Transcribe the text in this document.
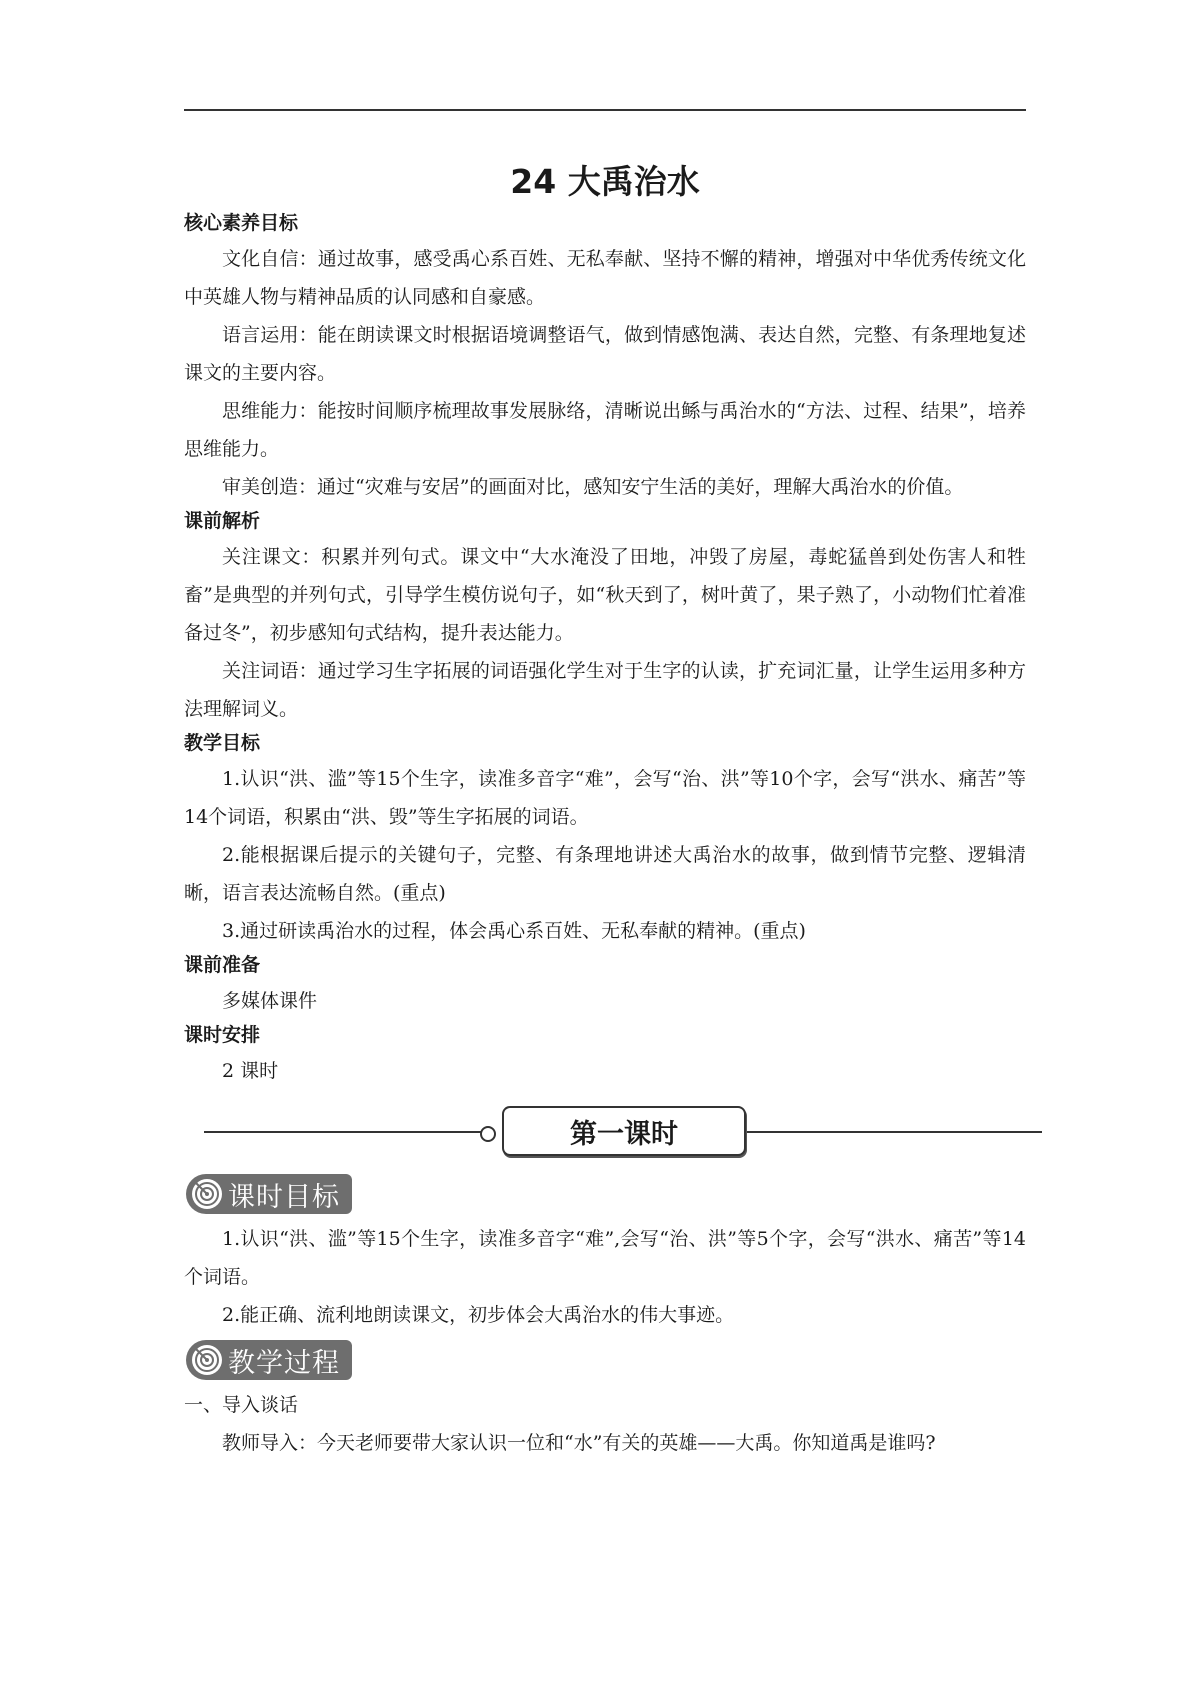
24 大禹治水
核心素养目标

文化自信：通过故事，感受禹心系百姓、无私奉献、坚持不懈的精神，增强对中华优秀传统文化中英雄人物与精神品质的认同感和自豪感。

语言运用：能在朗读课文时根据语境调整语气，做到情感饱满、表达自然，完整、有条理地复述课文的主要内容。

思维能力：能按时间顺序梳理故事发展脉络，清晰说出鲧与禹治水的“方法、过程、结果”，培养思维能力。

审美创造：通过“灾难与安居”的画面对比，感知安宁生活的美好，理解大禹治水的价值。

课前解析

关注课文：积累并列句式。课文中“大水淹没了田地，冲毁了房屋，毒蛇猛兽到处伤害人和牲畜”是典型的并列句式，引导学生模仿说句子，如“秋天到了，树叶黄了，果子熟了，小动物们忙着准备过冬”，初步感知句式结构，提升表达能力。

关注词语：通过学习生字拓展的词语强化学生对于生字的认读，扩充词汇量，让学生运用多种方法理解词义。

教学目标

1.认识“洪、滥”等15个生字，读准多音字“难”，会写“治、洪”等10个字，会写“洪水、痛苦”等14个词语，积累由“洪、毁”等生字拓展的词语。

2.能根据课后提示的关键句子，完整、有条理地讲述大禹治水的故事，做到情节完整、逻辑清晰，语言表达流畅自然。(重点)

3.通过研读禹治水的过程，体会禹心系百姓、无私奉献的精神。(重点)

课前准备

多媒体课件

课时安排

2 课时

第一课时
课时目标

1.认识“洪、滥”等15个生字，读准多音字“难”,会写“治、洪”等5个字，会写“洪水、痛苦”等14个词语。

2.能正确、流利地朗读课文，初步体会大禹治水的伟大事迹。

教学过程

一、导入谈话

教师导入：今天老师要带大家认识一位和“水”有关的英雄——大禹。你知道禹是谁吗?
